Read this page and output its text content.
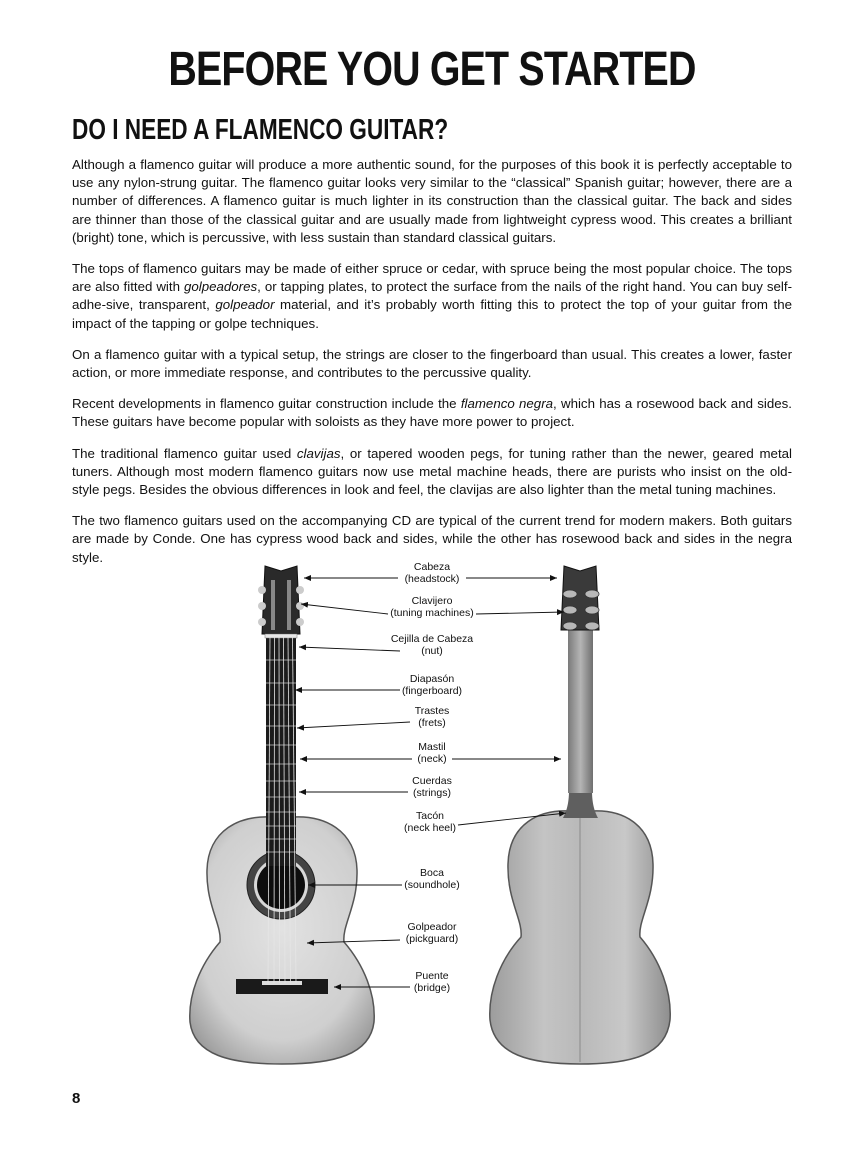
BEFORE YOU GET STARTED
DO I NEED A FLAMENCO GUITAR?

Although a flamenco guitar will produce a more authentic sound, for the purposes of this book it is perfectly acceptable to use any nylon-strung guitar. The flamenco guitar looks very similar to the “classical” Spanish guitar; however, there are a number of differences. A flamenco guitar is much lighter in its construction than the classical guitar. The back and sides are thinner than those of the classical guitar and are usually made from lightweight cypress wood. This creates a brilliant (bright) tone, which is percussive, with less sustain than standard classical guitars.

The tops of flamenco guitars may be made of either spruce or cedar, with spruce being the most popular choice. The tops are also fitted with golpeadores, or tapping plates, to protect the surface from the nails of the right hand. You can buy self-adhe-sive, transparent, golpeador material, and it’s probably worth fitting this to protect the top of your guitar from the impact of the tapping or golpe techniques.

On a flamenco guitar with a typical setup, the strings are closer to the fingerboard than usual. This creates a lower, faster action, or more immediate response, and contributes to the percussive quality.

Recent developments in flamenco guitar construction include the flamenco negra, which has a rosewood back and sides. These guitars have become popular with soloists as they have more power to project.

The traditional flamenco guitar used clavijas, or tapered wooden pegs, for tuning rather than the newer, geared metal tuners. Although most modern flamenco guitars now use metal machine heads, there are purists who insist on the old-style pegs. Besides the obvious differences in look and feel, the clavijas are also lighter than the metal tuning machines.

The two flamenco guitars used on the accompanying CD are typical of the current trend for modern makers. Both guitars are made by Conde. One has cypress wood back and sides, while the other has rosewood back and sides in the negra style.

Cabeza
(headstock)
Clavijero
(tuning machines)
Cejilla de Cabeza
(nut)
Diapasón
(fingerboard)
Trastes
(frets)
Mastil
(neck)
Cuerdas
(strings)
Tacón
(neck heel)
Boca
(soundhole)
Golpeador
(pickguard)
Puente
(bridge)
8
